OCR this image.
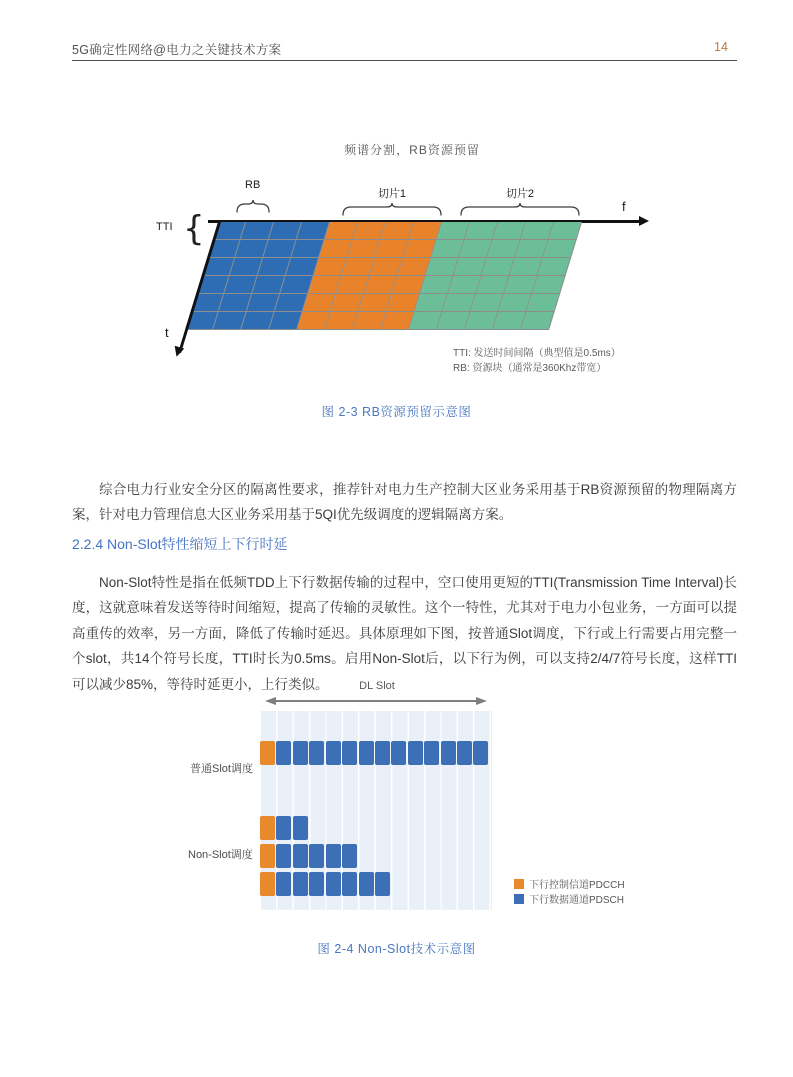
5G确定性网络@电力之关键技术方案	14
频谱分割，RB资源预留
RB
切片1	切片2
f
TTI {
t
TTI: 发送时间间隔（典型值是0.5ms）
RB: 资源块（通常是360Khz带宽）
图 2-3 RB资源预留示意图

综合电力行业安全分区的隔离性要求，推荐针对电力生产控制大区业务采用基于RB资源预留的物理隔离方案，针对电力管理信息大区业务采用基于5QI优先级调度的逻辑隔离方案。

2.2.4 Non-Slot特性缩短上下行时延

Non-Slot特性是指在低频TDD上下行数据传输的过程中，空口使用更短的TTI(Transmission Time Interval)长度，这就意味着发送等待时间缩短，提高了传输的灵敏性。这个一特性，尤其对于电力小包业务，一方面可以提高重传的效率，另一方面，降低了传输时延迟。具体原理如下图，按普通Slot调度，下行或上行需要占用完整一个slot，共14个符号长度，TTI时长为0.5ms。启用Non-Slot后，以下行为例，可以支持2/4/7符号长度，这样TTI可以减少85%，等待时延更小，上行类似。	DL Slot
普通Slot调度
Non-Slot调度
下行控制信道PDCCH
下行数据通道PDSCH
图 2-4 Non-Slot技术示意图
